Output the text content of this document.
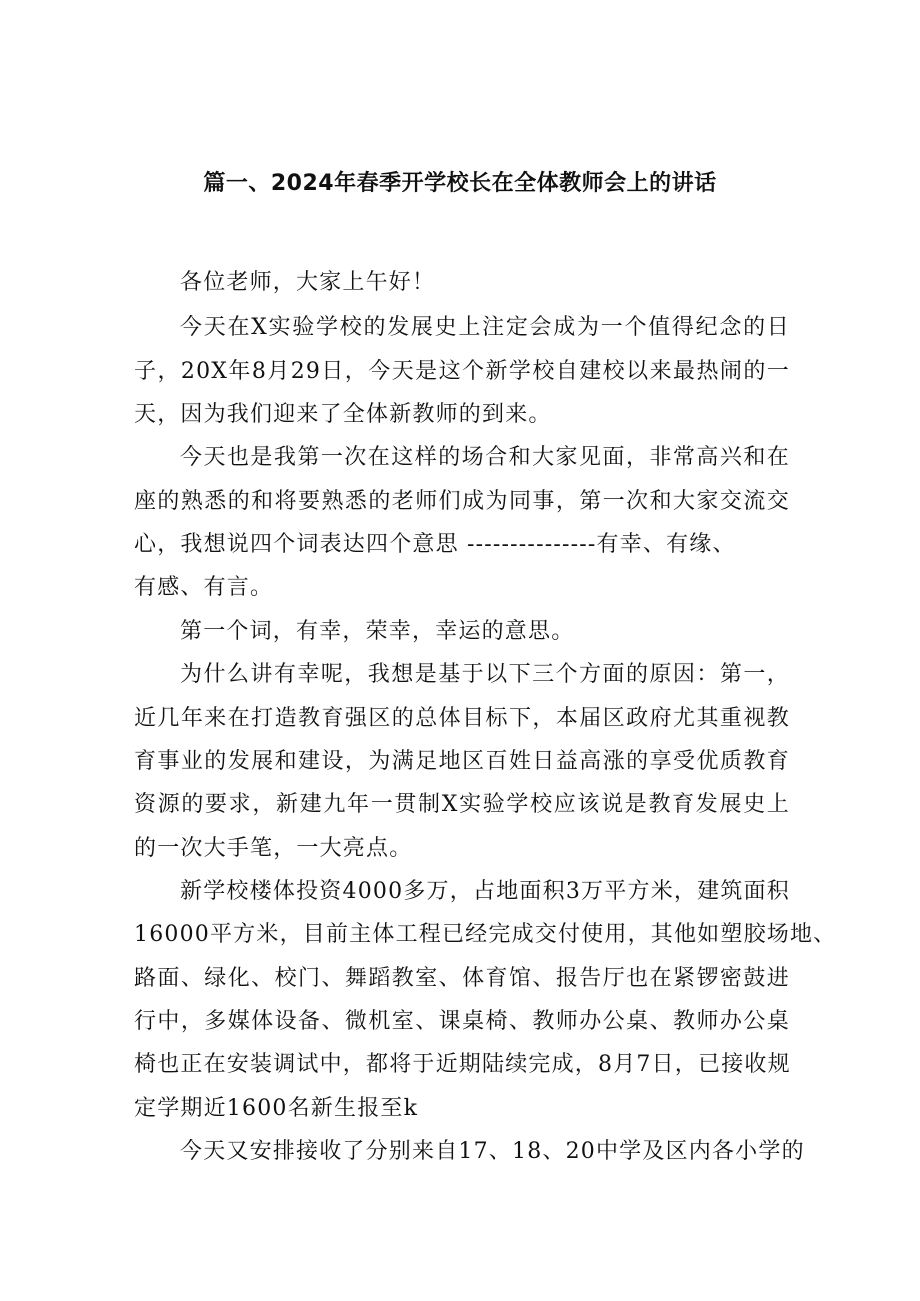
篇一、2024年春季开学校长在全体教师会上的讲话
各位老师，大家上午好！
今天在X实验学校的发展史上注定会成为一个值得纪念的日
子，20X年8月29日，今天是这个新学校自建校以来最热闹的一
天，因为我们迎来了全体新教师的到来。
今天也是我第一次在这样的场合和大家见面，非常高兴和在
座的熟悉的和将要熟悉的老师们成为同事，第一次和大家交流交
心，我想说四个词表达四个意思 ---------------有幸、有缘、
有感、有言。
第一个词，有幸，荣幸，幸运的意思。
为什么讲有幸呢，我想是基于以下三个方面的原因：第一，
近几年来在打造教育强区的总体目标下，本届区政府尤其重视教
育事业的发展和建设，为满足地区百姓日益高涨的享受优质教育
资源的要求，新建九年一贯制X实验学校应该说是教育发展史上
的一次大手笔，一大亮点。
新学校楼体投资4000多万，占地面积3万平方米，建筑面积
16000平方米，目前主体工程已经完成交付使用，其他如塑胶场地、
路面、绿化、校门、舞蹈教室、体育馆、报告厅也在紧锣密鼓进
行中，多媒体设备、微机室、课桌椅、教师办公桌、教师办公桌
椅也正在安装调试中，都将于近期陆续完成，8月7日，已接收规
定学期近1600名新生报至k
今天又安排接收了分别来自17、18、20中学及区内各小学的
